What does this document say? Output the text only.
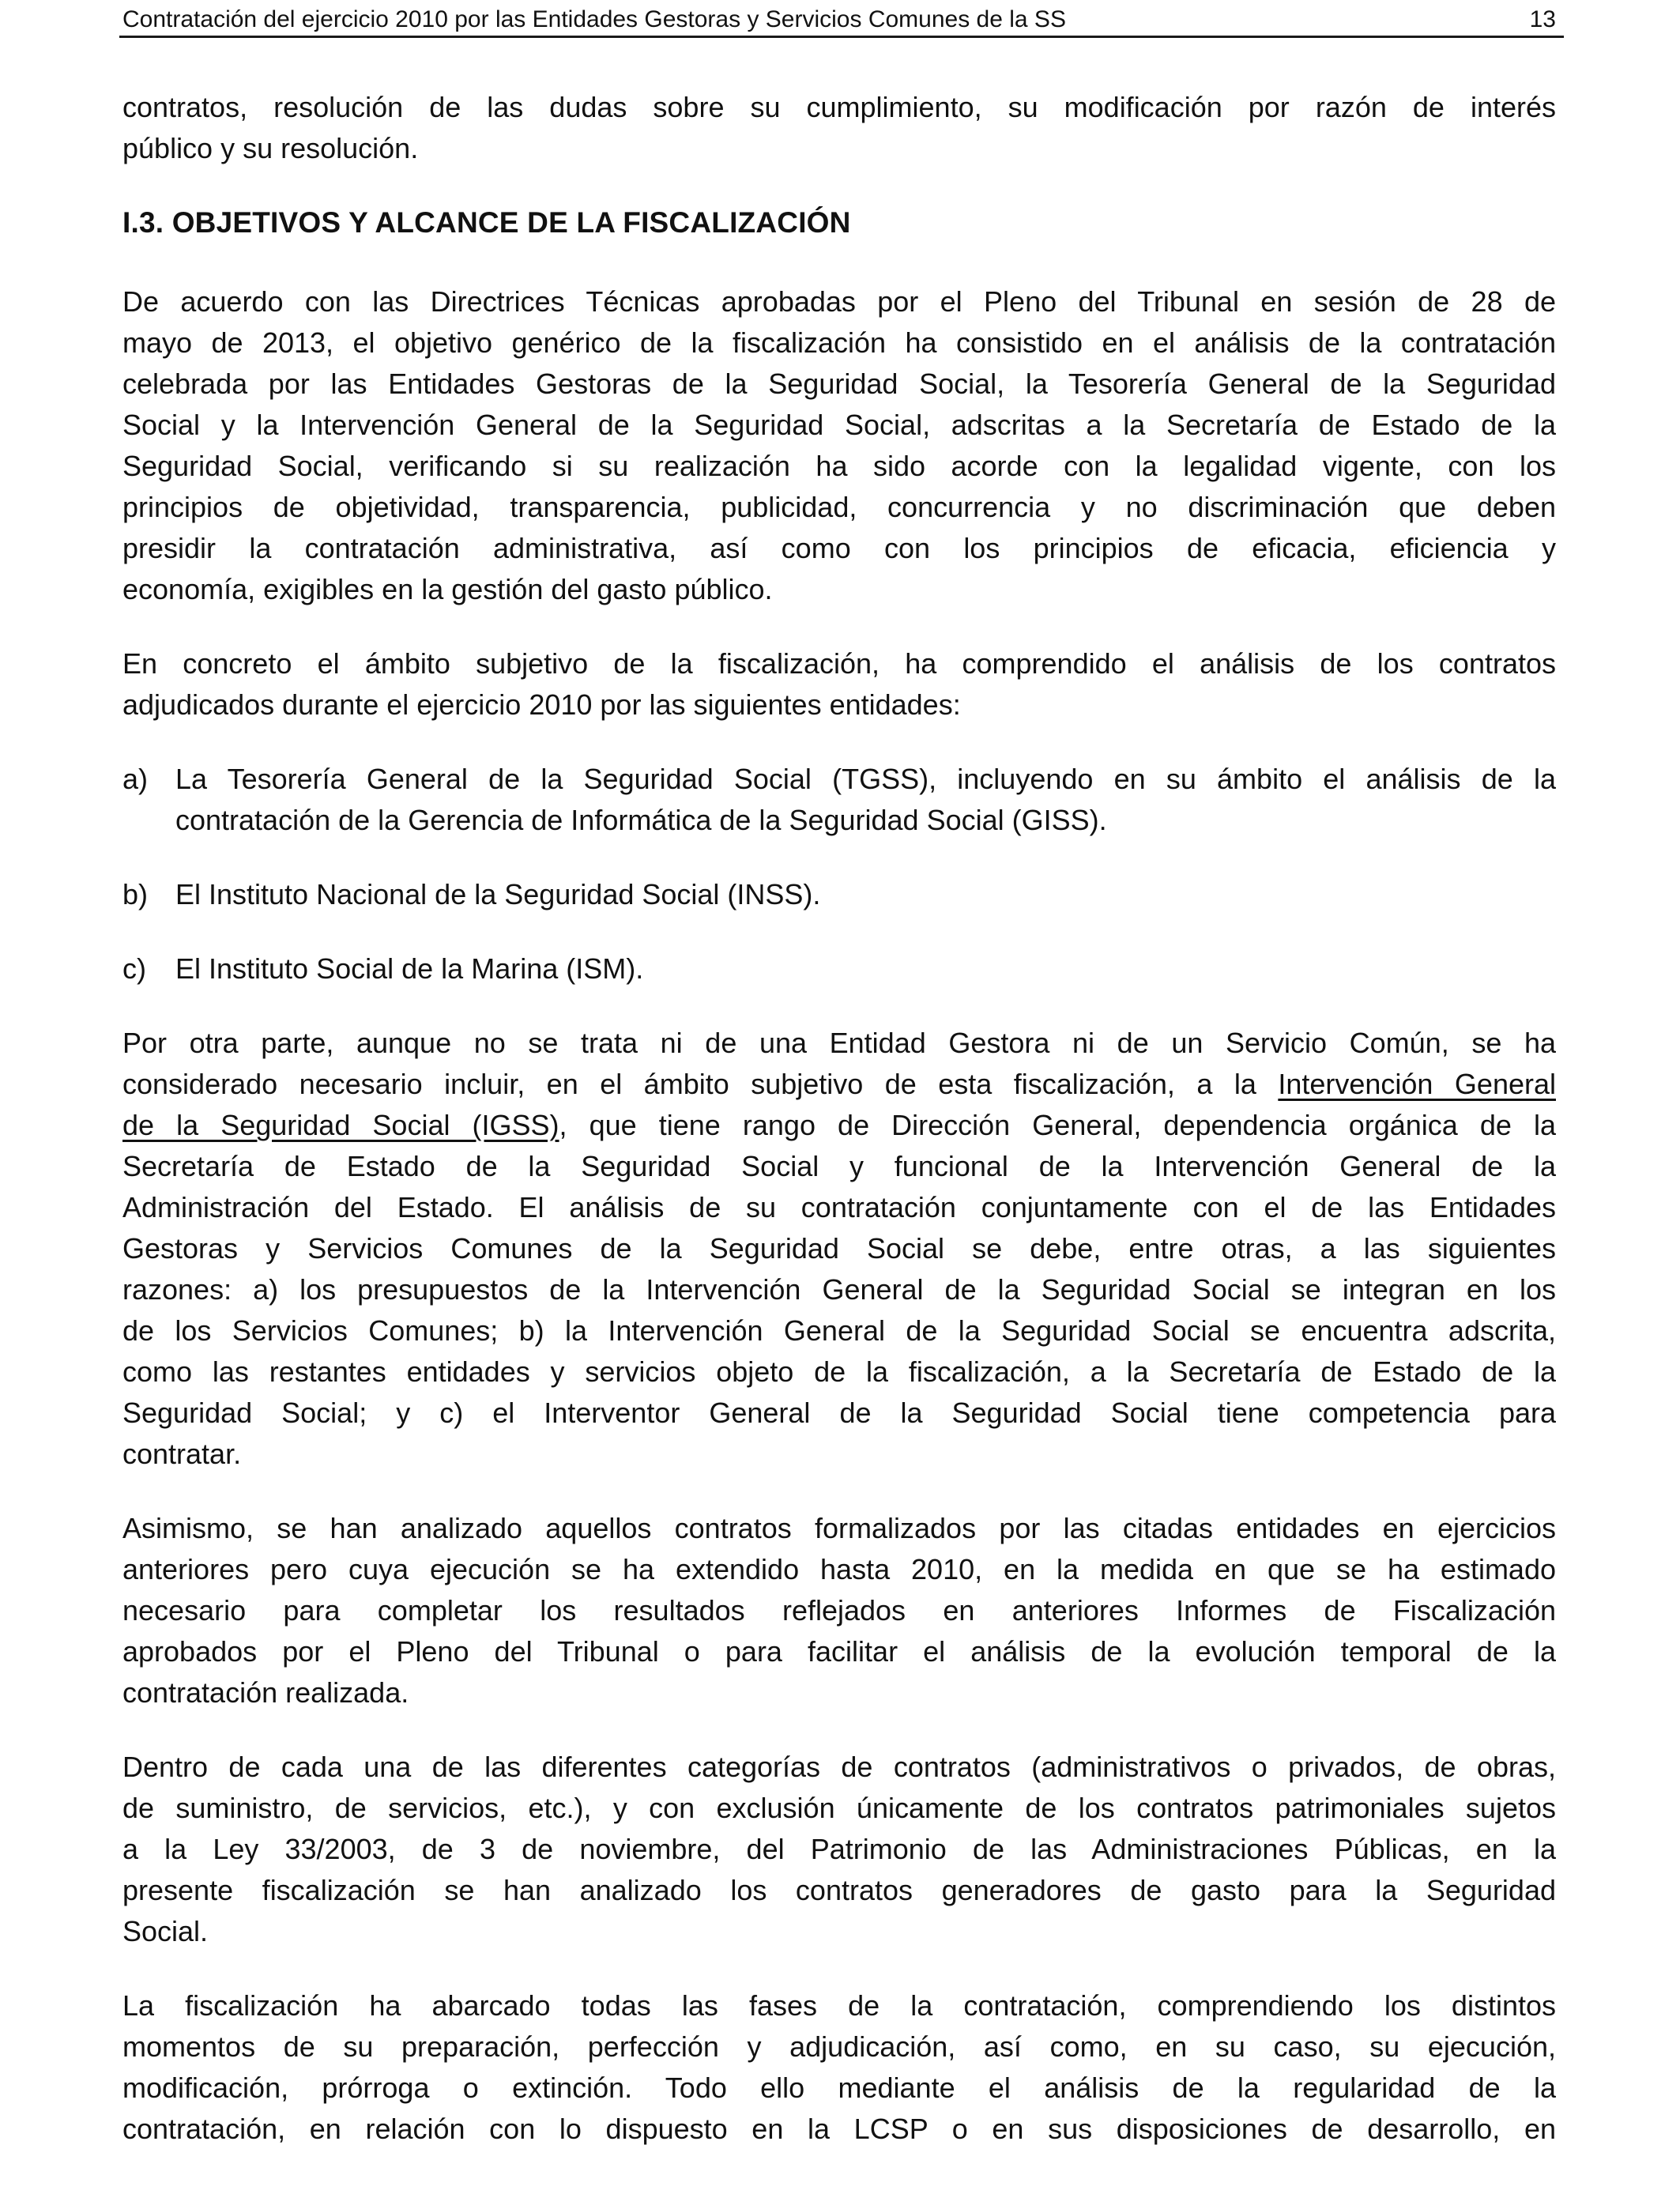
Contratación del ejercicio 2010 por las Entidades Gestoras y Servicios Comunes de la SS	13
contratos, resolución de las dudas sobre su cumplimiento, su modificación por razón de interés
público y su resolución.
I.3. OBJETIVOS Y ALCANCE DE LA FISCALIZACIÓN
De acuerdo con las Directrices Técnicas aprobadas por el Pleno del Tribunal en sesión de 28 de
mayo de 2013, el objetivo genérico de la fiscalización ha consistido en el análisis de la contratación
celebrada por las Entidades Gestoras de la Seguridad Social, la Tesorería General de la Seguridad
Social y la Intervención General de la Seguridad Social, adscritas a la Secretaría de Estado de la
Seguridad Social, verificando si su realización ha sido acorde con la legalidad vigente, con los
principios de objetividad, transparencia, publicidad, concurrencia y no discriminación que deben
presidir la contratación administrativa, así como con los principios de eficacia, eficiencia y
economía, exigibles en la gestión del gasto público.
En concreto el ámbito subjetivo de la fiscalización, ha comprendido el análisis de los contratos
adjudicados durante el ejercicio 2010 por las siguientes entidades:
a) La Tesorería General de la Seguridad Social (TGSS), incluyendo en su ámbito el análisis de la
contratación de la Gerencia de Informática de la Seguridad Social (GISS).
b) El Instituto Nacional de la Seguridad Social (INSS).
c) El Instituto Social de la Marina (ISM).
Por otra parte, aunque no se trata ni de una Entidad Gestora ni de un Servicio Común, se ha
considerado necesario incluir, en el ámbito subjetivo de esta fiscalización, a la Intervención General
de la Seguridad Social (IGSS), que tiene rango de Dirección General, dependencia orgánica de la
Secretaría de Estado de la Seguridad Social y funcional de la Intervención General de la
Administración del Estado. El análisis de su contratación conjuntamente con el de las Entidades
Gestoras y Servicios Comunes de la Seguridad Social se debe, entre otras, a las siguientes
razones: a) los presupuestos de la Intervención General de la Seguridad Social se integran en los
de los Servicios Comunes; b) la Intervención General de la Seguridad Social se encuentra adscrita,
como las restantes entidades y servicios objeto de la fiscalización, a la Secretaría de Estado de la
Seguridad Social; y c) el Interventor General de la Seguridad Social tiene competencia para
contratar.
Asimismo, se han analizado aquellos contratos formalizados por las citadas entidades en ejercicios
anteriores pero cuya ejecución se ha extendido hasta 2010, en la medida en que se ha estimado
necesario para completar los resultados reflejados en anteriores Informes de Fiscalización
aprobados por el Pleno del Tribunal o para facilitar el análisis de la evolución temporal de la
contratación realizada.
Dentro de cada una de las diferentes categorías de contratos (administrativos o privados, de obras,
de suministro, de servicios, etc.), y con exclusión únicamente de los contratos patrimoniales sujetos
a la Ley 33/2003, de 3 de noviembre, del Patrimonio de las Administraciones Públicas, en la
presente fiscalización se han analizado los contratos generadores de gasto para la Seguridad
Social.
La fiscalización ha abarcado todas las fases de la contratación, comprendiendo los distintos
momentos de su preparación, perfección y adjudicación, así como, en su caso, su ejecución,
modificación, prórroga o extinción. Todo ello mediante el análisis de la regularidad de la
contratación, en relación con lo dispuesto en la LCSP o en sus disposiciones de desarrollo, en
